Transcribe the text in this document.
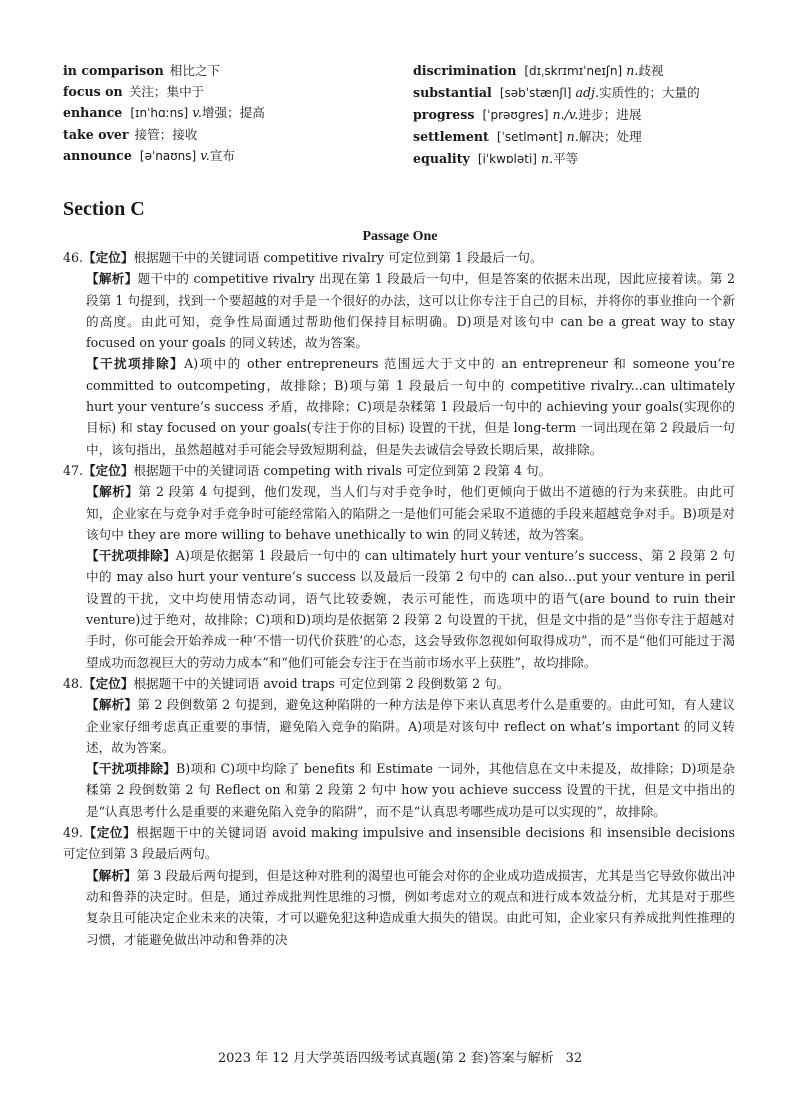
in comparison 相比之下
focus on 关注；集中于
enhance [ɪnˈhɑːns] v.增强；提高
take over 接管；接收
announce [əˈnaʊns] v.宣布
discrimination [dɪˌskrɪmɪˈneɪʃn] n.歧视
substantial [səbˈstænʃl] adj.实质性的；大量的
progress [ˈprəʊɡres] n./v.进步；进展
settlement [ˈsetlmənt] n.解决；处理
equality [iˈkwɒləti] n.平等
Section C
Passage One

46.【定位】根据题干中的关键词语 competitive rivalry 可定位到第 1 段最后一句。

【解析】题干中的 competitive rivalry 出现在第 1 段最后一句中，但是答案的依据未出现，因此应接着读。第 2 段第 1 句提到，找到一个要超越的对手是一个很好的办法，这可以让你专注于自己的目标，并将你的事业推向一个新的高度。由此可知，竞争性局面通过帮助他们保持目标明确。D)项是对该句中 can be a great way to stay focused on your goals 的同义转述，故为答案。

【干扰项排除】A)项中的 other entrepreneurs 范围远大于文中的 an entrepreneur 和 someone you’re committed to outcompeting，故排除；B)项与第 1 段最后一句中的 competitive rivalry...can ultimately hurt your venture’s success 矛盾，故排除；C)项是杂糅第 1 段最后一句中的 achieving your goals(实现你的目标) 和 stay focused on your goals(专注于你的目标) 设置的干扰，但是 long-term 一词出现在第 2 段最后一句中，该句指出，虽然超越对手可能会导致短期利益，但是失去诚信会导致长期后果，故排除。

47.【定位】根据题干中的关键词语 competing with rivals 可定位到第 2 段第 4 句。

【解析】第 2 段第 4 句提到，他们发现，当人们与对手竞争时，他们更倾向于做出不道德的行为来获胜。由此可知，企业家在与竞争对手竞争时可能经常陷入的陷阱之一是他们可能会采取不道德的手段来超越竞争对手。B)项是对该句中 they are more willing to behave unethically to win 的同义转述，故为答案。

【干扰项排除】A)项是依据第 1 段最后一句中的 can ultimately hurt your venture’s success、第 2 段第 2 句中的 may also hurt your venture’s success 以及最后一段第 2 句中的 can also...put your venture in peril 设置的干扰，文中均使用情态动词，语气比较委婉，表示可能性，而选项中的语气(are bound to ruin their venture)过于绝对，故排除；C)项和D)项均是依据第 2 段第 2 句设置的干扰，但是文中指的是“当你专注于超越对手时，你可能会开始养成一种‘不惜一切代价获胜’的心态，这会导致你忽视如何取得成功”，而不是“他们可能过于渴望成功而忽视巨大的劳动力成本”和“他们可能会专注于在当前市场水平上获胜”，故均排除。

48.【定位】根据题干中的关键词语 avoid traps 可定位到第 2 段倒数第 2 句。

【解析】第 2 段倒数第 2 句提到，避免这种陷阱的一种方法是停下来认真思考什么是重要的。由此可知，有人建议企业家仔细考虑真正重要的事情，避免陷入竞争的陷阱。A)项是对该句中 reflect on what’s important 的同义转述，故为答案。

【干扰项排除】B)项和 C)项中均除了 benefits 和 Estimate 一词外，其他信息在文中未提及，故排除；D)项是杂糅第 2 段倒数第 2 句 Reflect on 和第 2 段第 2 句中 how you achieve success 设置的干扰，但是文中指出的是“认真思考什么是重要的来避免陷入竞争的陷阱”，而不是“认真思考哪些成功是可以实现的”，故排除。

49.【定位】根据题干中的关键词语 avoid making impulsive and insensible decisions 和 insensible decisions 可定位到第 3 段最后两句。

【解析】第 3 段最后两句提到，但是这种对胜利的渴望也可能会对你的企业成功造成损害，尤其是当它导致你做出冲动和鲁莽的决定时。但是，通过养成批判性思维的习惯，例如考虑对立的观点和进行成本效益分析，尤其是对于那些复杂且可能决定企业未来的决策，才可以避免犯这种造成重大损失的错误。由此可知，企业家只有养成批判性推理的习惯，才能避免做出冲动和鲁莽的决

2023 年 12 月大学英语四级考试真题(第 2 套)答案与解析 32
